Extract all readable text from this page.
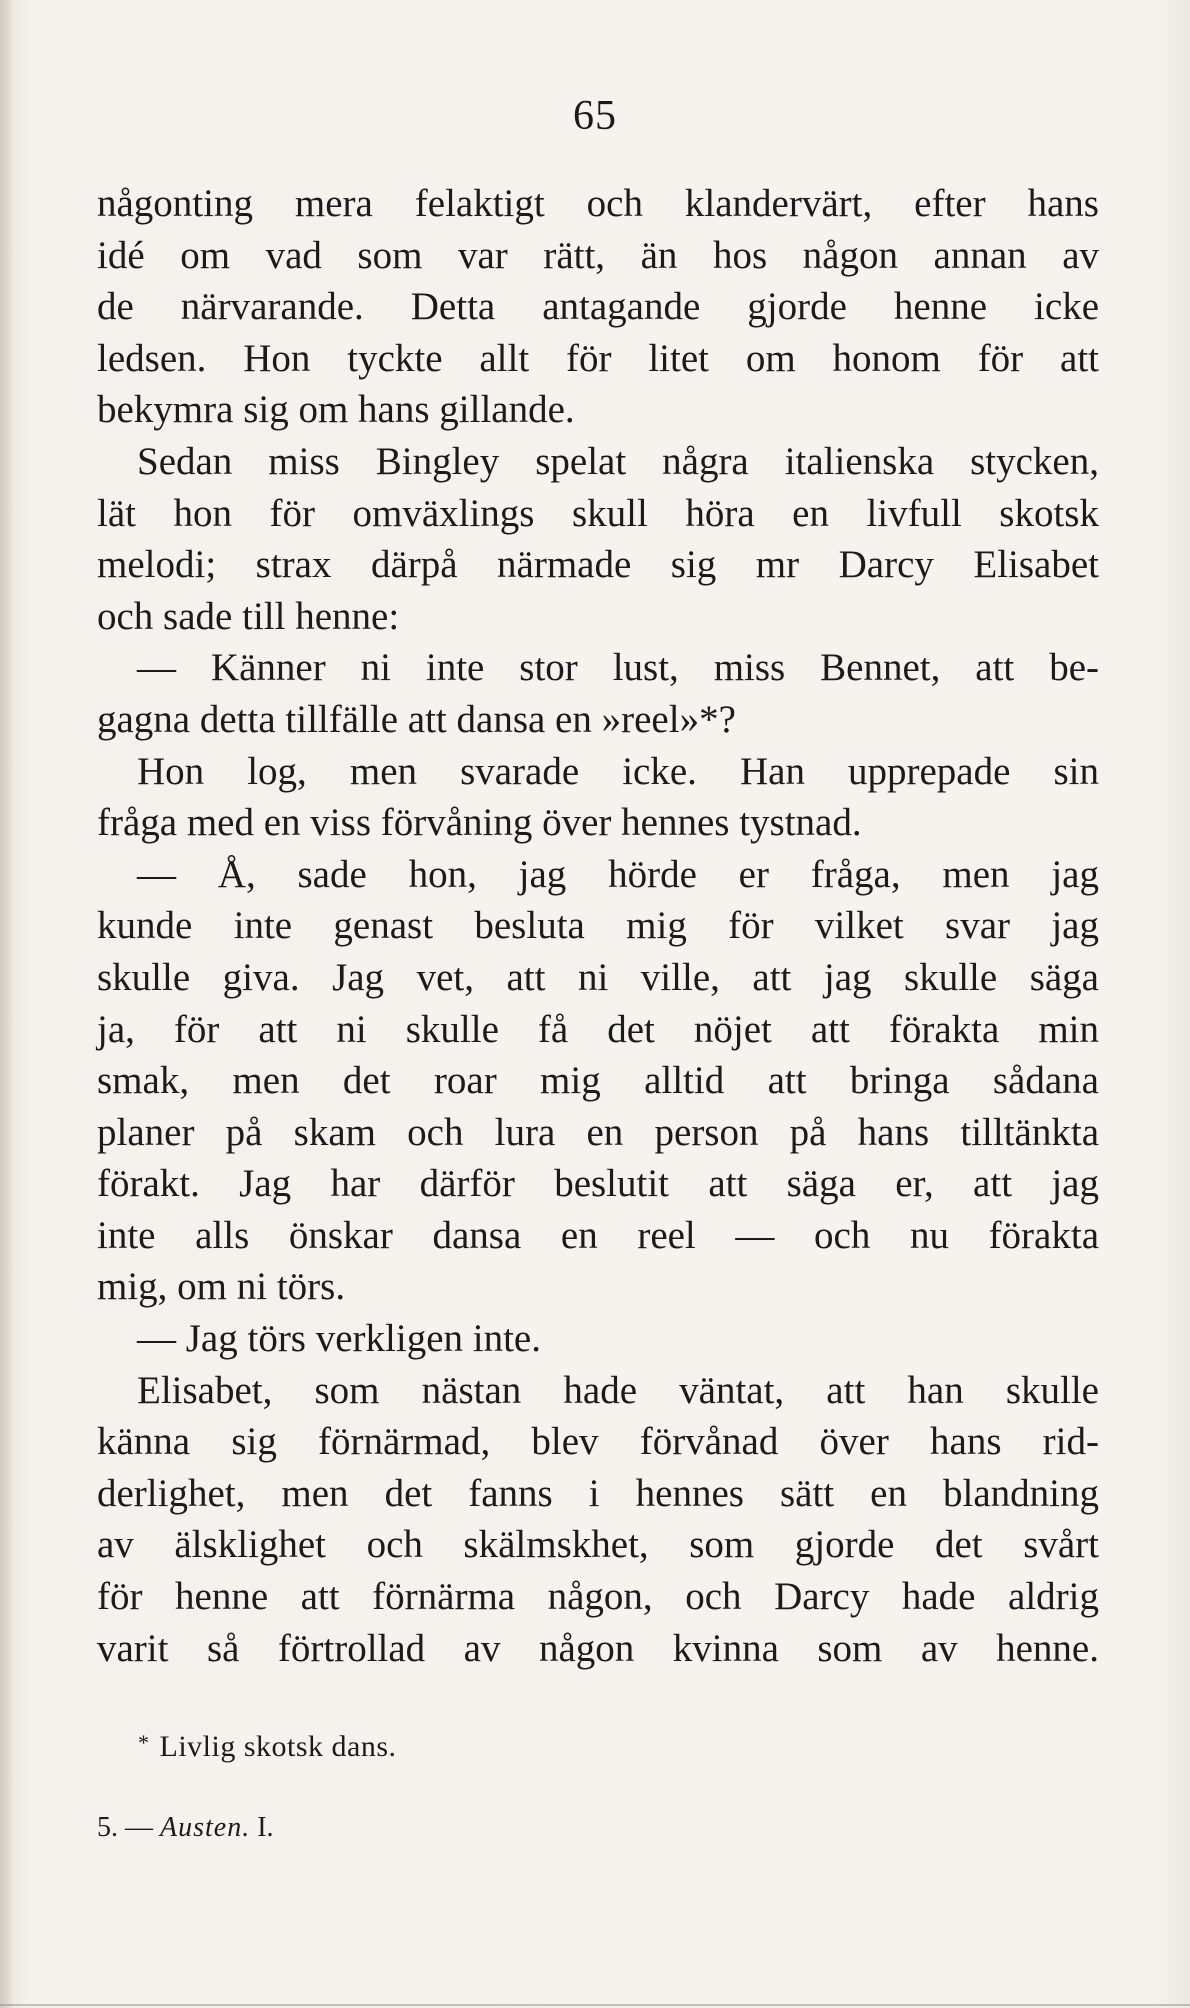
65
någonting mera felaktigt och klandervärt, efter hans
idé om vad som var rätt, än hos någon annan av
de närvarande. Detta antagande gjorde henne icke
ledsen. Hon tyckte allt för litet om honom för att
bekymra sig om hans gillande.
Sedan miss Bingley spelat några italienska stycken,
lät hon för omväxlings skull höra en livfull skotsk
melodi; strax därpå närmade sig mr Darcy Elisabet
och sade till henne:
— Känner ni inte stor lust, miss Bennet, att be-
gagna detta tillfälle att dansa en »reel»*?
Hon log, men svarade icke. Han upprepade sin
fråga med en viss förvåning över hennes tystnad.
— Å, sade hon, jag hörde er fråga, men jag
kunde inte genast besluta mig för vilket svar jag
skulle giva. Jag vet, att ni ville, att jag skulle säga
ja, för att ni skulle få det nöjet att förakta min
smak, men det roar mig alltid att bringa sådana
planer på skam och lura en person på hans tilltänkta
förakt. Jag har därför beslutit att säga er, att jag
inte alls önskar dansa en reel — och nu förakta
mig, om ni törs.
— Jag törs verkligen inte.
Elisabet, som nästan hade väntat, att han skulle
känna sig förnärmad, blev förvånad över hans rid-
derlighet, men det fanns i hennes sätt en blandning
av älsklighet och skälmskhet, som gjorde det svårt
för henne att förnärma någon, och Darcy hade aldrig
varit så förtrollad av någon kvinna som av henne.
* Livlig skotsk dans.
5. — Austen. I.
